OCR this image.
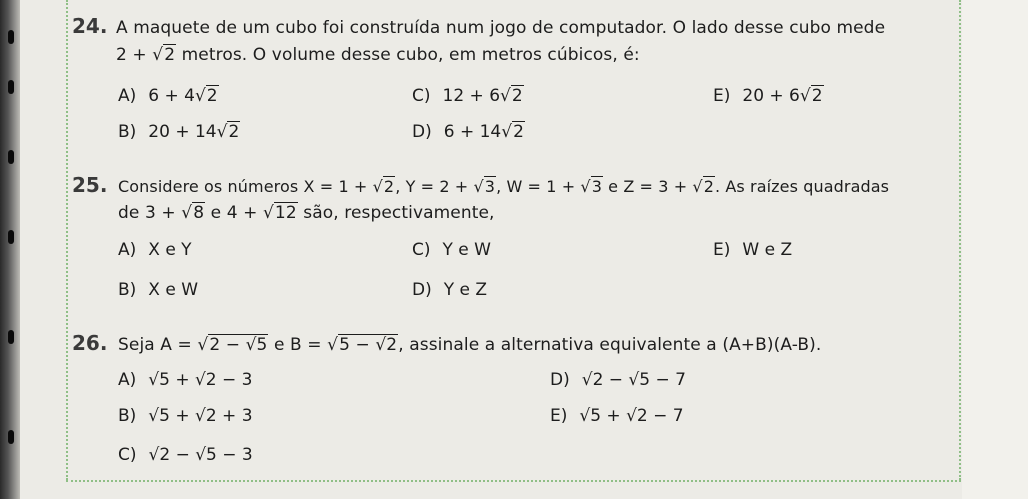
24. A maquete de um cubo foi construída num jogo de computador. O lado desse cubo mede
2 + √2 metros. O volume desse cubo, em metros cúbicos, é:
A) 6 + 4√2
B) 20 + 14√2
C) 12 + 6√2
D) 6 + 14√2
E) 20 + 6√2
25. Considere os números X = 1 + √2, Y = 2 + √3, W = 1 + √3 e Z = 3 + √2. As raízes quadradas
de 3 + √8 e 4 + √12 são, respectivamente,
A) X e Y
B) X e W
C) Y e W
D) Y e Z
E) W e Z
26. Seja A = √2 − √5 e B = √5 − √2, assinale a alternativa equivalente a (A+B)(A-B).
A) √5 + √2 − 3
B) √5 + √2 + 3
C) √2 − √5 − 3
D) √2 − √5 − 7
E) √5 + √2 − 7
